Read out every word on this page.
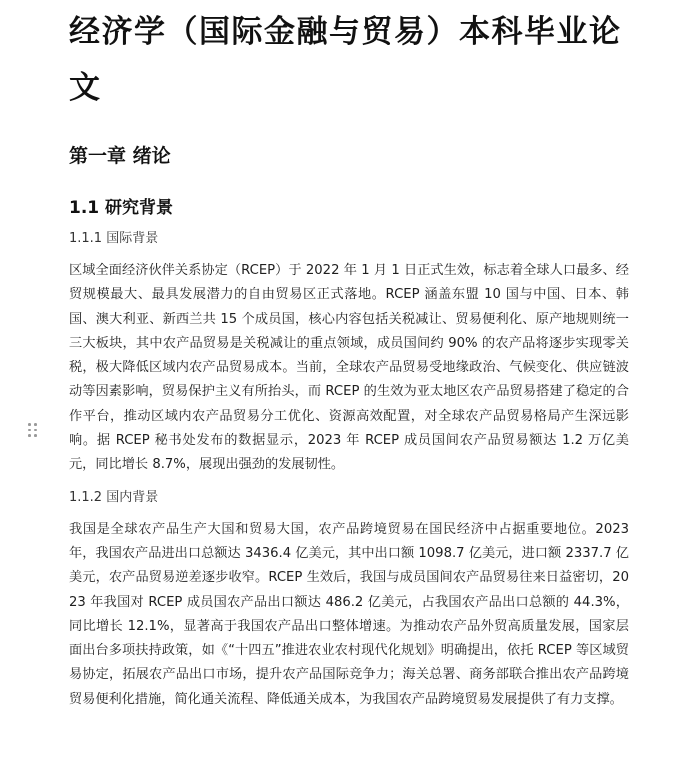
经济学（国际金融与贸易）本科毕业论文
第一章 绪论
1.1 研究背景
1.1.1 国际背景

区域全面经济伙伴关系协定（RCEP）于 2022 年 1 月 1 日正式生效，标志着全球人口最多、经贸规模最大、最具发展潜力的自由贸易区正式落地。RCEP 涵盖东盟 10 国与中国、日本、韩国、澳大利亚、新西兰共 15 个成员国，核心内容包括关税减让、贸易便利化、原产地规则统一三大板块，其中农产品贸易是关税减让的重点领域，成员国间约 90% 的农产品将逐步实现零关税，极大降低区域内农产品贸易成本。当前，全球农产品贸易受地缘政治、气候变化、供应链波动等因素影响，贸易保护主义有所抬头，而 RCEP 的生效为亚太地区农产品贸易搭建了稳定的合作平台，推动区域内农产品贸易分工优化、资源高效配置，对全球农产品贸易格局产生深远影响。据 RCEP 秘书处发布的数据显示，2023 年 RCEP 成员国间农产品贸易额达 1.2 万亿美元，同比增长 8.7%，展现出强劲的发展韧性。

1.1.2 国内背景

我国是全球农产品生产大国和贸易大国，农产品跨境贸易在国民经济中占据重要地位。2023 年，我国农产品进出口总额达 3436.4 亿美元，其中出口额 1098.7 亿美元，进口额 2337.7 亿美元，农产品贸易逆差逐步收窄。RCEP 生效后，我国与成员国间农产品贸易往来日益密切，2023 年我国对 RCEP 成员国农产品出口额达 486.2 亿美元，占我国农产品出口总额的 44.3%，同比增长 12.1%，显著高于我国农产品出口整体增速。为推动农产品外贸高质量发展，国家层面出台多项扶持政策，如《“十四五”推进农业农村现代化规划》明确提出，依托 RCEP 等区域贸易协定，拓展农产品出口市场，提升农产品国际竞争力；海关总署、商务部联合推出农产品跨境贸易便利化措施，简化通关流程、降低通关成本，为我国农产品跨境贸易发展提供了有力支撑。
